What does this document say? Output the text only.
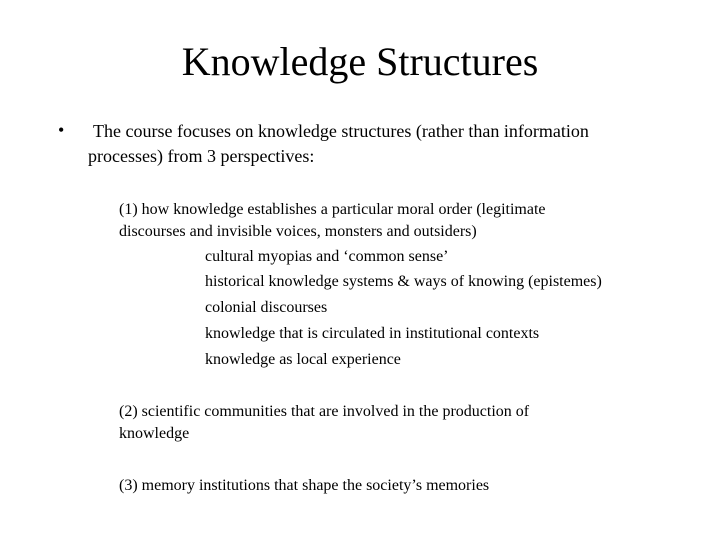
Knowledge Structures
• The course focuses on knowledge structures (rather than information
processes) from 3 perspectives:
(1) how knowledge establishes a particular moral order (legitimate
discourses and invisible voices, monsters and outsiders)
cultural myopias and ‘common sense’
historical knowledge systems & ways of knowing (epistemes)
colonial discourses
knowledge that is circulated in institutional contexts
knowledge as local experience
(2) scientific communities that are involved in the production of
knowledge
(3) memory institutions that shape the society’s memories
